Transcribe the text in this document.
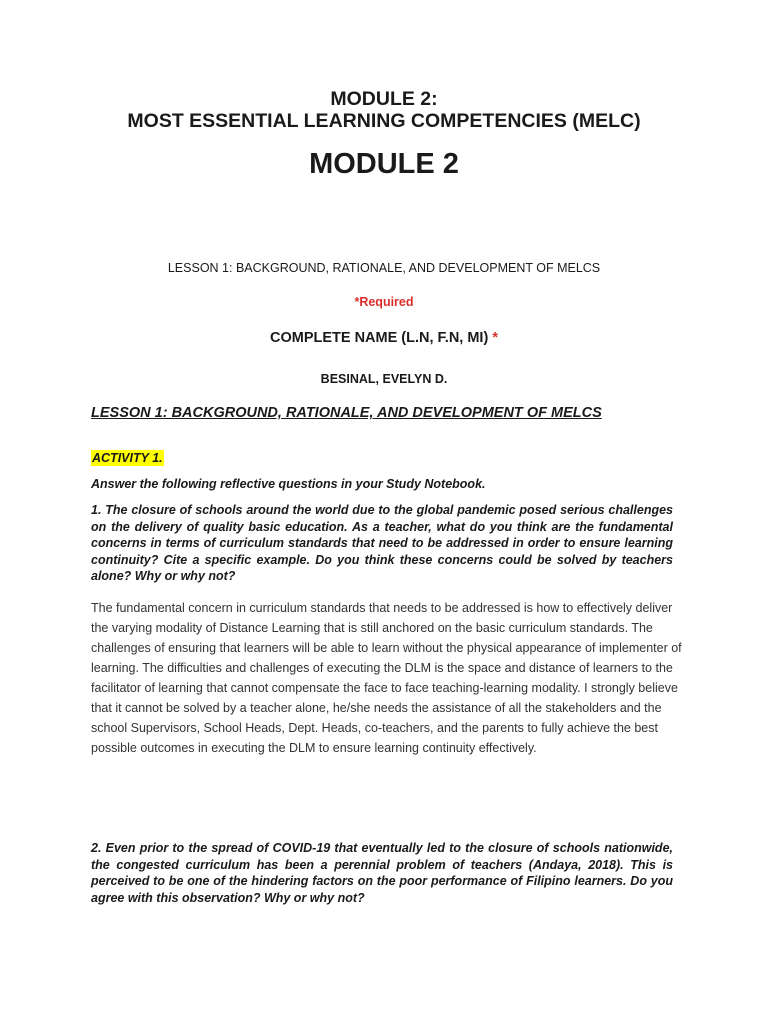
MODULE 2:
MOST ESSENTIAL LEARNING COMPETENCIES (MELC)
MODULE 2
LESSON 1: BACKGROUND, RATIONALE, AND DEVELOPMENT OF MELCS
*Required
COMPLETE NAME (L.N, F.N, MI) *
BESINAL, EVELYN D.
LESSON 1: BACKGROUND, RATIONALE, AND DEVELOPMENT OF MELCS
ACTIVITY 1.
Answer the following reflective questions in your Study Notebook.
1. The closure of schools around the world due to the global pandemic posed serious challenges on the delivery of quality basic education. As a teacher, what do you think are the fundamental concerns in terms of curriculum standards that need to be addressed in order to ensure learning continuity? Cite a specific example. Do you think these concerns could be solved by teachers alone? Why or why not?
The fundamental concern in curriculum standards that needs to be addressed is how to effectively deliver the varying modality of Distance Learning that is still anchored on the basic curriculum standards. The challenges of ensuring that learners will be able to learn without the physical appearance of implementer of learning. The difficulties and challenges of executing the DLM is the space and distance of learners to the facilitator of learning that cannot compensate the face to face teaching-learning modality. I strongly believe that it cannot be solved by a teacher alone, he/she needs the assistance of all the stakeholders and the school Supervisors, School Heads, Dept. Heads, co-teachers, and the parents to fully achieve the best possible outcomes in executing the DLM to ensure learning continuity effectively.
2. Even prior to the spread of COVID-19 that eventually led to the closure of schools nationwide, the congested curriculum has been a perennial problem of teachers (Andaya, 2018). This is perceived to be one of the hindering factors on the poor performance of Filipino learners. Do you agree with this observation? Why or why not?
